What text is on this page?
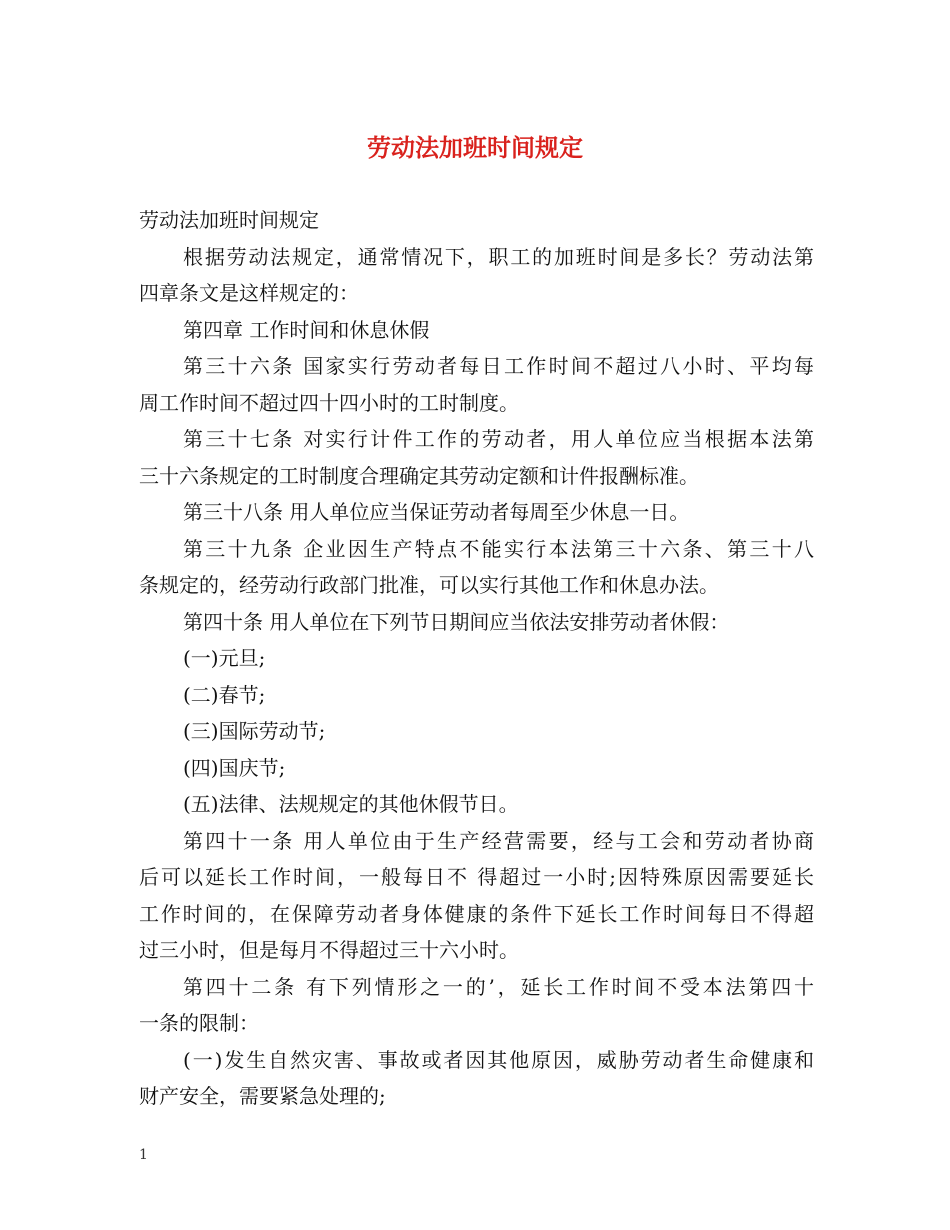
劳动法加班时间规定
劳动法加班时间规定
根据劳动法规定，通常情况下，职工的加班时间是多长？劳动法第
四章条文是这样规定的：
第四章 工作时间和休息休假
第三十六条 国家实行劳动者每日工作时间不超过八小时、平均每
周工作时间不超过四十四小时的工时制度。
第三十七条 对实行计件工作的劳动者，用人单位应当根据本法第
三十六条规定的工时制度合理确定其劳动定额和计件报酬标准。
第三十八条 用人单位应当保证劳动者每周至少休息一日。
第三十九条 企业因生产特点不能实行本法第三十六条、第三十八
条规定的，经劳动行政部门批准，可以实行其他工作和休息办法。
第四十条 用人单位在下列节日期间应当依法安排劳动者休假：
(一)元旦;
(二)春节;
(三)国际劳动节;
(四)国庆节;
(五)法律、法规规定的其他休假节日。
第四十一条 用人单位由于生产经营需要，经与工会和劳动者协商
后可以延长工作时间，一般每日不 得超过一小时;因特殊原因需要延长
工作时间的，在保障劳动者身体健康的条件下延长工作时间每日不得超
过三小时，但是每月不得超过三十六小时。
第四十二条 有下列情形之一的’，延长工作时间不受本法第四十
一条的限制：
(一)发生自然灾害、事故或者因其他原因，威胁劳动者生命健康和
财产安全，需要紧急处理的;
1
